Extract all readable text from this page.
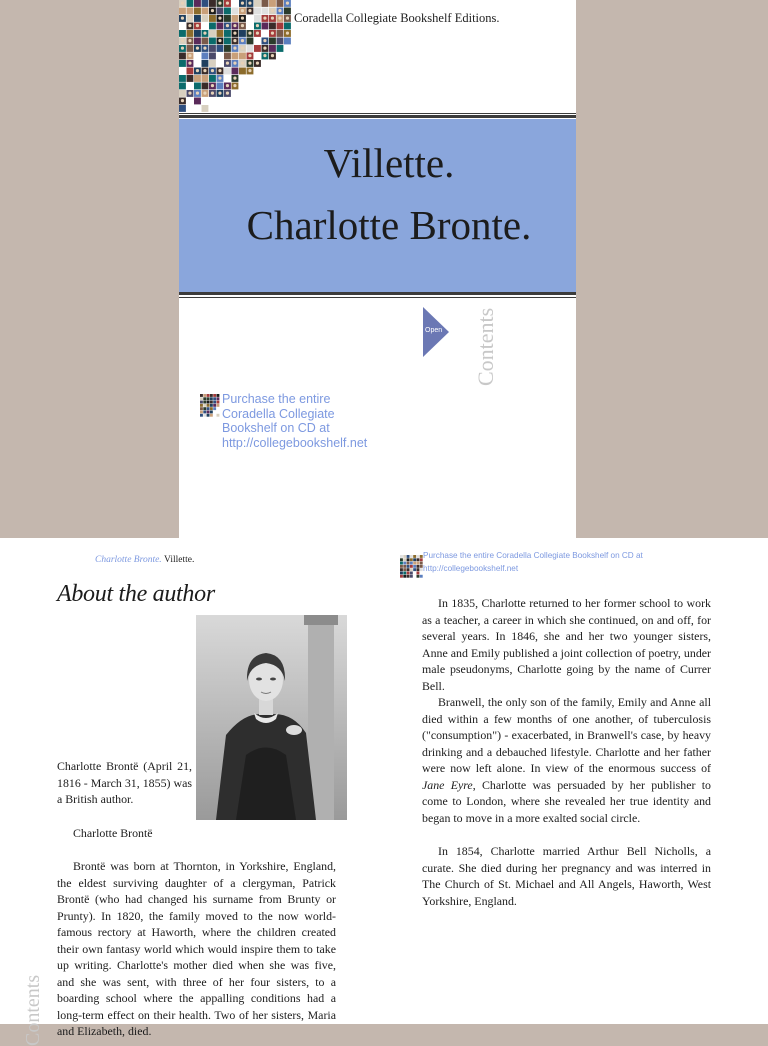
Coradella Collegiate Bookshelf Editions.
Villette.
Charlotte Bronte.
Open Contents
Purchase the entire Coradella Collegiate Bookshelf on CD at http://collegebookshelf.net
Charlotte Bronte. Villette.
About the author
Charlotte Brontë (April 21, 1816 - March 31, 1855) was a British author.
Charlotte Brontë
Brontë was born at Thornton, in Yorkshire, England, the eldest surviving daughter of a clergyman, Patrick Brontë (who had changed his surname from Brunty or Prunty). In 1820, the family moved to the now world-famous rectory at Haworth, where the children created their own fantasy world which would inspire them to take up writing. Charlotte's mother died when she was five, and she was sent, with three of her four sisters, to a boarding school where the appalling conditions had a long-term effect on their health. Two of her sisters, Maria and Elizabeth, died.
Contents
Purchase the entire Coradella Collegiate Bookshelf on CD at http://collegebookshelf.net
In 1835, Charlotte returned to her former school to work as a teacher, a career in which she continued, on and off, for several years. In 1846, she and her two younger sisters, Anne and Emily published a joint collection of poetry, under male pseudonyms, Charlotte going by the name of Currer Bell.
Branwell, the only son of the family, Emily and Anne all died within a few months of one another, of tuberculosis ("consumption") - exacerbated, in Branwell's case, by heavy drinking and a debauched lifestyle. Charlotte and her father were now left alone. In view of the enormous success of Jane Eyre, Charlotte was persuaded by her publisher to come to London, where she revealed her true identity and began to move in a more exalted social circle.
In 1854, Charlotte married Arthur Bell Nicholls, a curate. She died during her pregnancy and was interred in The Church of St. Michael and All Angels, Haworth, West Yorkshire, England.
